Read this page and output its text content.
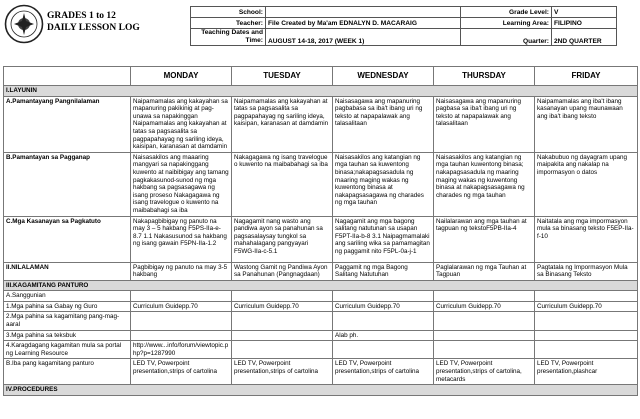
GRADES 1 to 12
DAILY LESSON LOG
School:		Grade Level:	V
Teacher:	File Created by Ma'am EDNALYN D. MACARAIG	Learning Area:	FILIPINO

Teaching Dates and
Time:	AUGUST 14-18, 2017 (WEEK 1)	Quarter:	2ND QUARTER
	MONDAY	TUESDAY	WEDNESDAY	THURSDAY	FRIDAY
I.LAYUNIN					
A.Pamantayang Pangnilalaman	Naipamamalas ang kakayahan sa mapanuring pakikinig at pag-unawa sa napakinggan Naipamamalas ang kakayahan at tatas sa pagsasalita sa pagpapahayag ng sariling ideya, kaisipan, karanasan at damdamin	Naipamamalas ang kakayahan at tatas sa pagsasalita sa pagpapahayag ng sariling ideya, kaisipan, karanasan at damdamin	Naisasagawa ang mapanuring pagbabasa sa iba't ibang uri ng teksto at napapalawak ang talasalitaan	Naisasagawa ang mapanuring pagbasa sa iba't ibang uri ng teksto at napapalawak ang talasalitaan	Naipamamalas ang iba't ibang kasanayan upang maunawaan ang iba't ibang teksto
B.Pamantayan sa Pagganap	Naisasakilos ang maaaring mangyari sa napakinggang kuwento at naibibigay ang tamang pagkakasunod-sunod ng mga hakbang sa pagsasagawa ng isang proseso Nakagagawa ng isang travelogue o kuwento na maibabahagi sa iba	Nakagagawa ng isang travelogue o kuwento na maibabahagi sa iba	Naisasakilos ang katangian ng mga tauhan sa kuwentong binasa;nakapagsasadula ng maaring maging wakas ng kuwentong binasa at nakapagsasagawa ng charades ng mga tauhan	Naisasakilos ang katangian ng mga tauhan kuwentong binasa; nakapagsasadula ng maaring maging wakas ng kuwentong binasa at nakapagsasagawa ng charades ng mga tauhan	Nakabubuo ng dayagram upang maipakita ang nakalap na impormasyon o datos
C.Mga Kasanayan sa Pagkatuto	Nakapagbibigay ng panuto na may 3 – 5 hakbang F5PS-IIa-e-8.7 1.1 Nakasusunod sa hakbang ng isang gawain F5PN-IIa-1.2	Nagagamit nang wasto ang pandiwa ayon sa panahunan sa pagsasalaysay tungkol sa mahahalagang pangyayari F5WG-IIa-c-5.1	Nagagamit ang mga bagong salitang natutunan sa usapan F5PT-IIa-b-8 3.1 Naipagmamalaki ang sariling wika sa pamamagitan ng paggamit nito F5PL-0a-j-1	Nailalarawan ang mga tauhan at tagpuan ng tekstoF5PB-IIa-4	Naitatala ang mga impormasyon mula sa binasang teksto F5EP-IIa-f-10
II.NILALAMAN	Pagbibigay ng panuto na may 3-5 hakbang	Wastong Gamit ng Pandiwa Ayon sa Panahunan (Pangnagdaan)	Paggamit ng mga Bagong Salitang Natutuhan	Paglalarawan ng mga Tauhan at Tagpuan	Pagtatala ng Impormasyon Mula sa Binasang Teksto
III.KAGAMITANG PANTURO					
A.Sanggunian					
1.Mga pahina sa Gabay ng Guro	Curriculum Guidepp.70	Curriculum Guidepp.70	Curriculum Guidepp.70	Curriculum Guidepp.70	Curriculum Guidepp.70
2.Mga pahina sa kagamitang pang-mag-aaral					
3.Mga pahina sa teksbuk			Alab ph.		
4.Karagdagang kagamitan mula sa portal ng Learning Resource	http://www...info/forum/viewtopic.php?p=1287990				
B.Iba pang kagamitang panturo	LED TV, Powerpoint presentation,strips of cartolina	LED TV, Powerpoint presentation,strips of cartolina	LED TV, Powerpoint presentation,strips of cartolina	LED TV, Powerpoint presentation,strips of cartolina, metacards	LED TV, Powerpoint presentation,plashcar
IV.PROCEDURES					
